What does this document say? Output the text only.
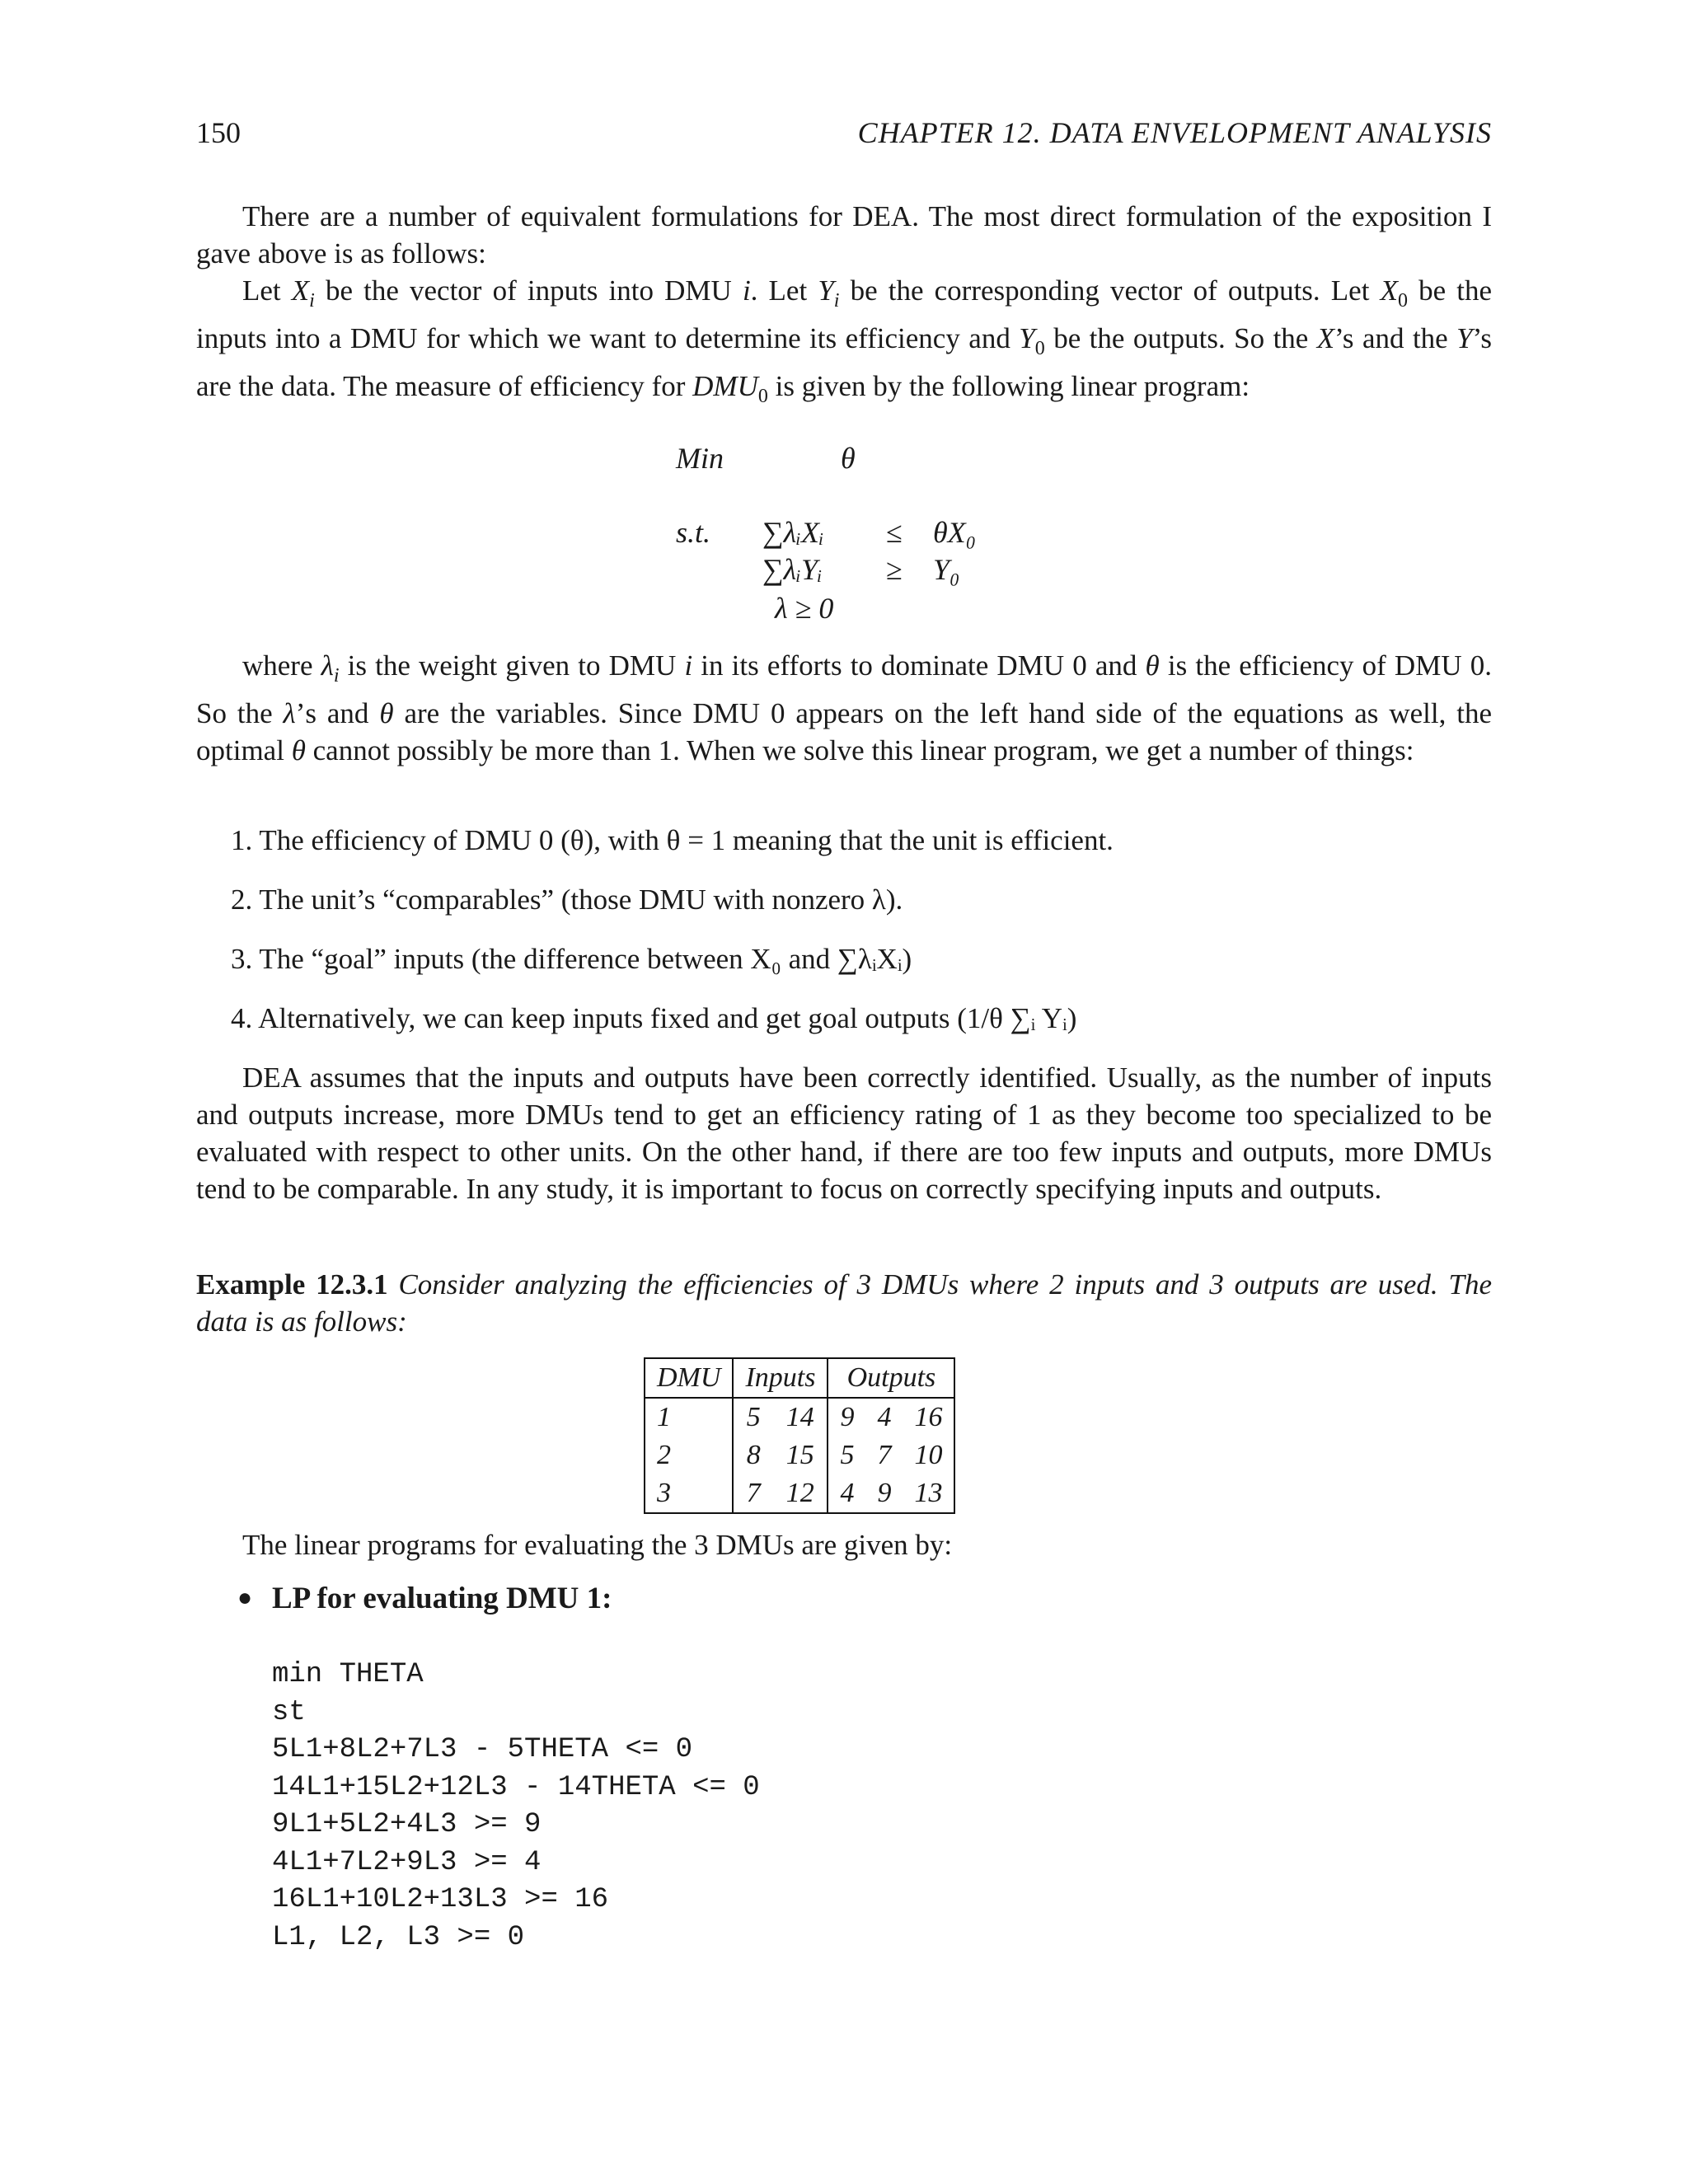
150	CHAPTER 12. DATA ENVELOPMENT ANALYSIS
There are a number of equivalent formulations for DEA. The most direct formulation of the exposition I gave above is as follows:
Let $X_i$ be the vector of inputs into DMU i. Let $Y_i$ be the corresponding vector of outputs. Let $X_0$ be the inputs into a DMU for which we want to determine its efficiency and $Y_0$ be the outputs. So the X’s and the Y’s are the data. The measure of efficiency for $DMU_0$ is given by the following linear program:
Min	θ
s.t. ∑λᵢXᵢ ≤ θX₀
∑λᵢYᵢ ≥ Y₀
λ ≥ 0
where $\lambda_i$ is the weight given to DMU i in its efforts to dominate DMU 0 and θ is the efficiency of DMU 0. So the λ’s and θ are the variables. Since DMU 0 appears on the left hand side of the equations as well, the optimal θ cannot possibly be more than 1. When we solve this linear program, we get a number of things:
1. The efficiency of DMU 0 (θ), with θ = 1 meaning that the unit is efficient.
2. The unit’s “comparables” (those DMU with nonzero λ).
3. The “goal” inputs (the difference between X₀ and ∑λᵢXᵢ)
4. Alternatively, we can keep inputs fixed and get goal outputs (1/θ ∑ᵢ Yᵢ)
DEA assumes that the inputs and outputs have been correctly identified. Usually, as the number of inputs and outputs increase, more DMUs tend to get an efficiency rating of 1 as they become too specialized to be evaluated with respect to other units. On the other hand, if there are too few inputs and outputs, more DMUs tend to be comparable. In any study, it is important to focus on correctly specifying inputs and outputs.
Example 12.3.1 Consider analyzing the efficiencies of 3 DMUs where 2 inputs and 3 outputs are used. The data is as follows:
DMU	Inputs		Outputs		
1	5	14	9	4	16
2	8	15	5	7	10
3	7	12	4	9	13
The linear programs for evaluating the 3 DMUs are given by:
● LP for evaluating DMU 1:
min THETA
st
5L1+8L2+7L3 - 5THETA <= 0
14L1+15L2+12L3 - 14THETA <= 0
9L1+5L2+4L3 >= 9
4L1+7L2+9L3 >= 4
16L1+10L2+13L3 >= 16
L1, L2, L3 >= 0
